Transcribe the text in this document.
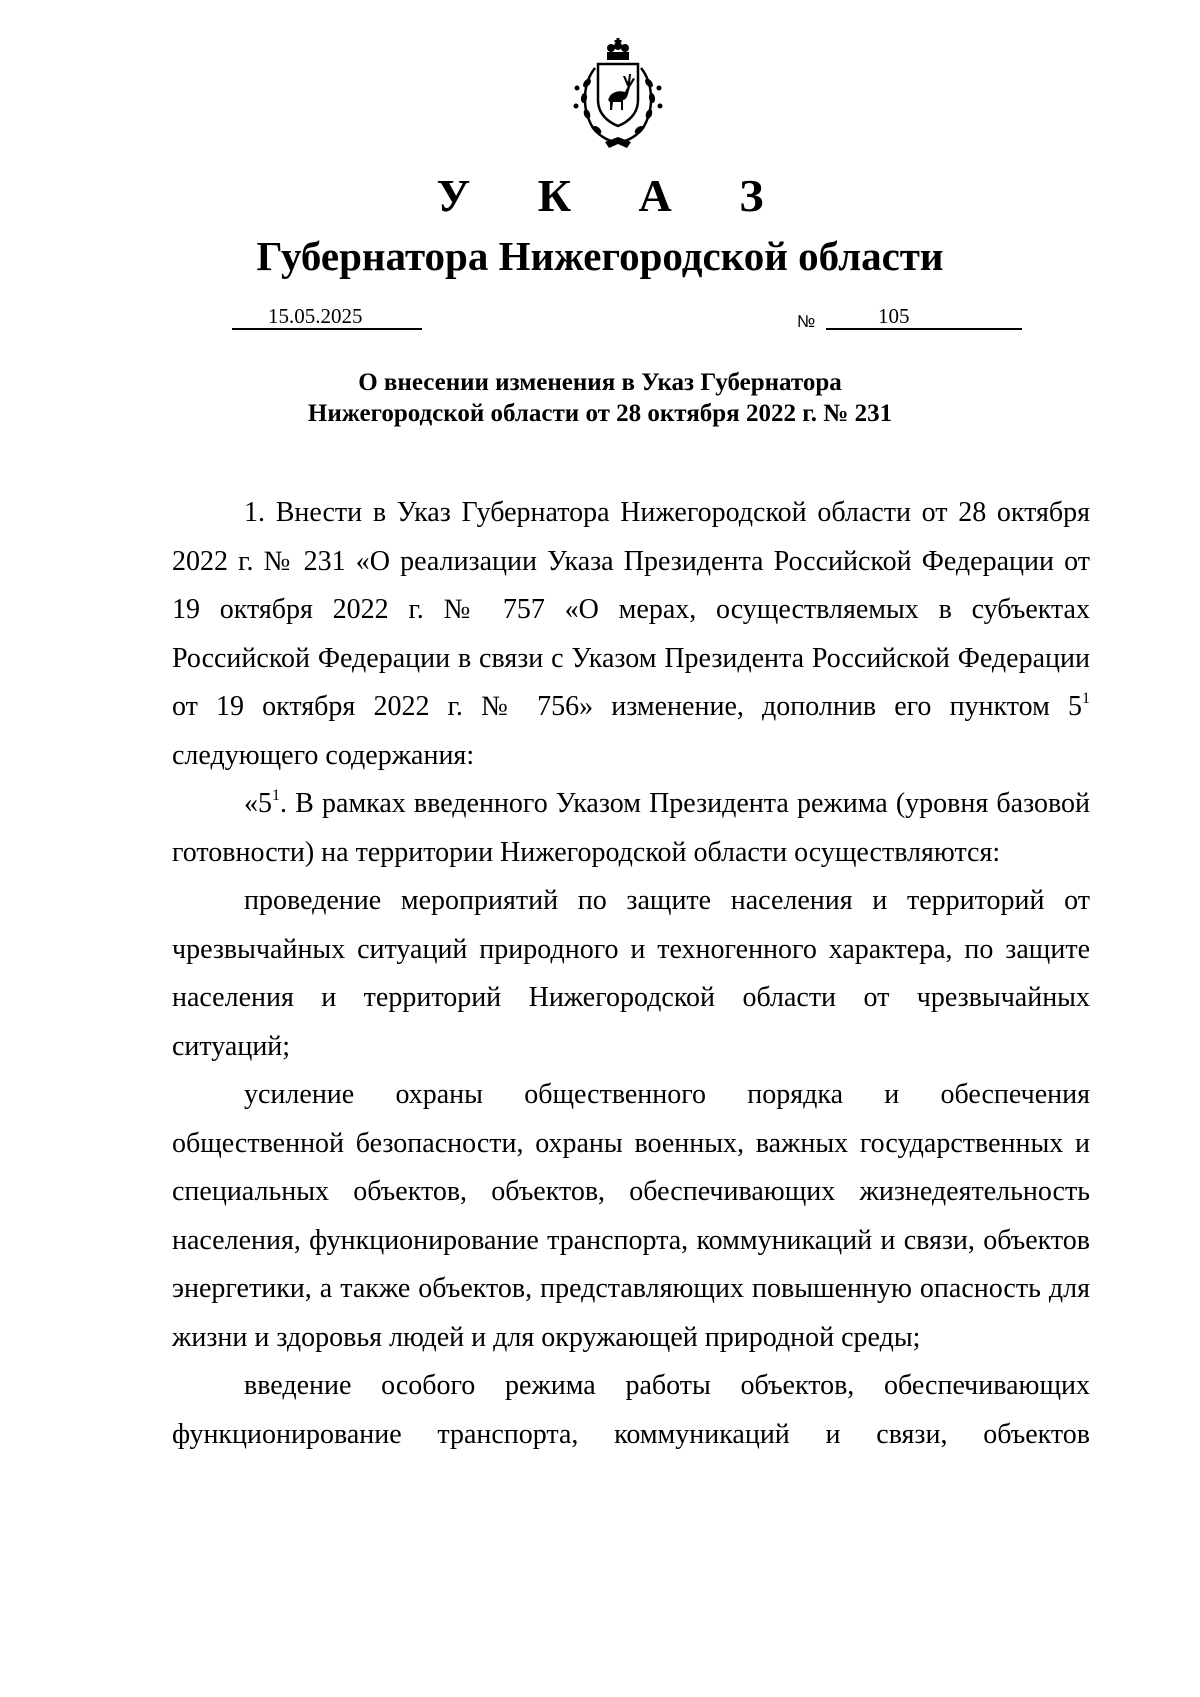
У К А З
Губернатора Нижегородской области
15.05.2025	№	105
О внесении изменения в Указ Губернатора
Нижегородской области от 28 октября 2022 г. № 231

1. Внести в Указ Губернатора Нижегородской области от 28 октября 2022 г. № 231 «О реализации Указа Президента Российской Федерации от 19 октября 2022 г. № 757 «О мерах, осуществляемых в субъектах Российской Федерации в связи с Указом Президента Российской Федерации от 19 октября 2022 г. № 756» изменение, дополнив его пунктом $5^1$ следующего содержания:

«$5^1$. В рамках введенного Указом Президента режима (уровня базовой готовности) на территории Нижегородской области осуществляются:

проведение мероприятий по защите населения и территорий от чрезвычайных ситуаций природного и техногенного характера, по защите населения и территорий Нижегородской области от чрезвычайных ситуаций;

усиление охраны общественного порядка и обеспечения общественной безопасности, охраны военных, важных государственных и специальных объектов, объектов, обеспечивающих жизнедеятельность населения, функционирование транспорта, коммуникаций и связи, объектов энергетики, а также объектов, представляющих повышенную опасность для жизни и здоровья людей и для окружающей природной среды;

введение особого режима работы объектов, обеспечивающих функционирование транспорта, коммуникаций и связи, объектов
